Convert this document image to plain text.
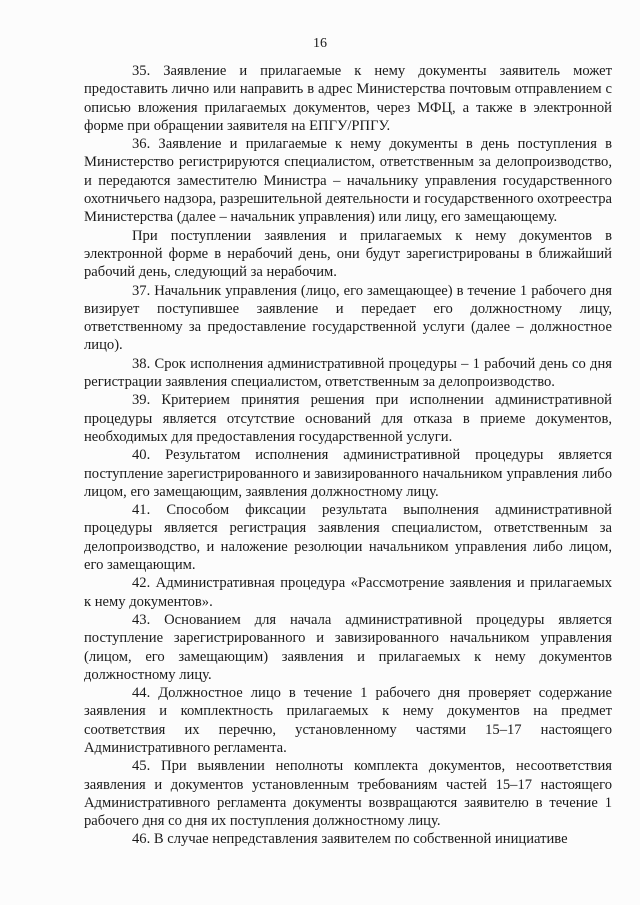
16

35. Заявление и прилагаемые к нему документы заявитель может предоставить лично или направить в адрес Министерства почтовым отправлением с описью вложения прилагаемых документов, через МФЦ, а также в электронной форме при обращении заявителя на ЕПГУ/РПГУ.

36. Заявление и прилагаемые к нему документы в день поступления в Министерство регистрируются специалистом, ответственным за делопроизводство, и передаются заместителю Министра – начальнику управления государственного охотничьего надзора, разрешительной деятельности и государственного охотреестра Министерства (далее – начальник управления) или лицу, его замещающему.

При поступлении заявления и прилагаемых к нему документов в электронной форме в нерабочий день, они будут зарегистрированы в ближайший рабочий день, следующий за нерабочим.

37. Начальник управления (лицо, его замещающее) в течение 1 рабочего дня визирует поступившее заявление и передает его должностному лицу, ответственному за предоставление государственной услуги (далее – должностное лицо).

38. Срок исполнения административной процедуры – 1 рабочий день со дня регистрации заявления специалистом, ответственным за делопроизводство.

39. Критерием принятия решения при исполнении административной процедуры является отсутствие оснований для отказа в приеме документов, необходимых для предоставления государственной услуги.

40. Результатом исполнения административной процедуры является поступление зарегистрированного и завизированного начальником управления либо лицом, его замещающим, заявления должностному лицу.

41. Способом фиксации результата выполнения административной процедуры является регистрация заявления специалистом, ответственным за делопроизводство, и наложение резолюции начальником управления либо лицом, его замещающим.

42. Административная процедура «Рассмотрение заявления и прилагаемых к нему документов».

43. Основанием для начала административной процедуры является поступление зарегистрированного и завизированного начальником управления (лицом, его замещающим) заявления и прилагаемых к нему документов должностному лицу.

44. Должностное лицо в течение 1 рабочего дня проверяет содержание заявления и комплектность прилагаемых к нему документов на предмет соответствия их перечню, установленному частями 15–17 настоящего Административного регламента.

45. При выявлении неполноты комплекта документов, несоответствия заявления и документов установленным требованиям частей 15–17 настоящего Административного регламента документы возвращаются заявителю в течение 1 рабочего дня со дня их поступления должностному лицу.

46. В случае непредставления заявителем по собственной инициативе
